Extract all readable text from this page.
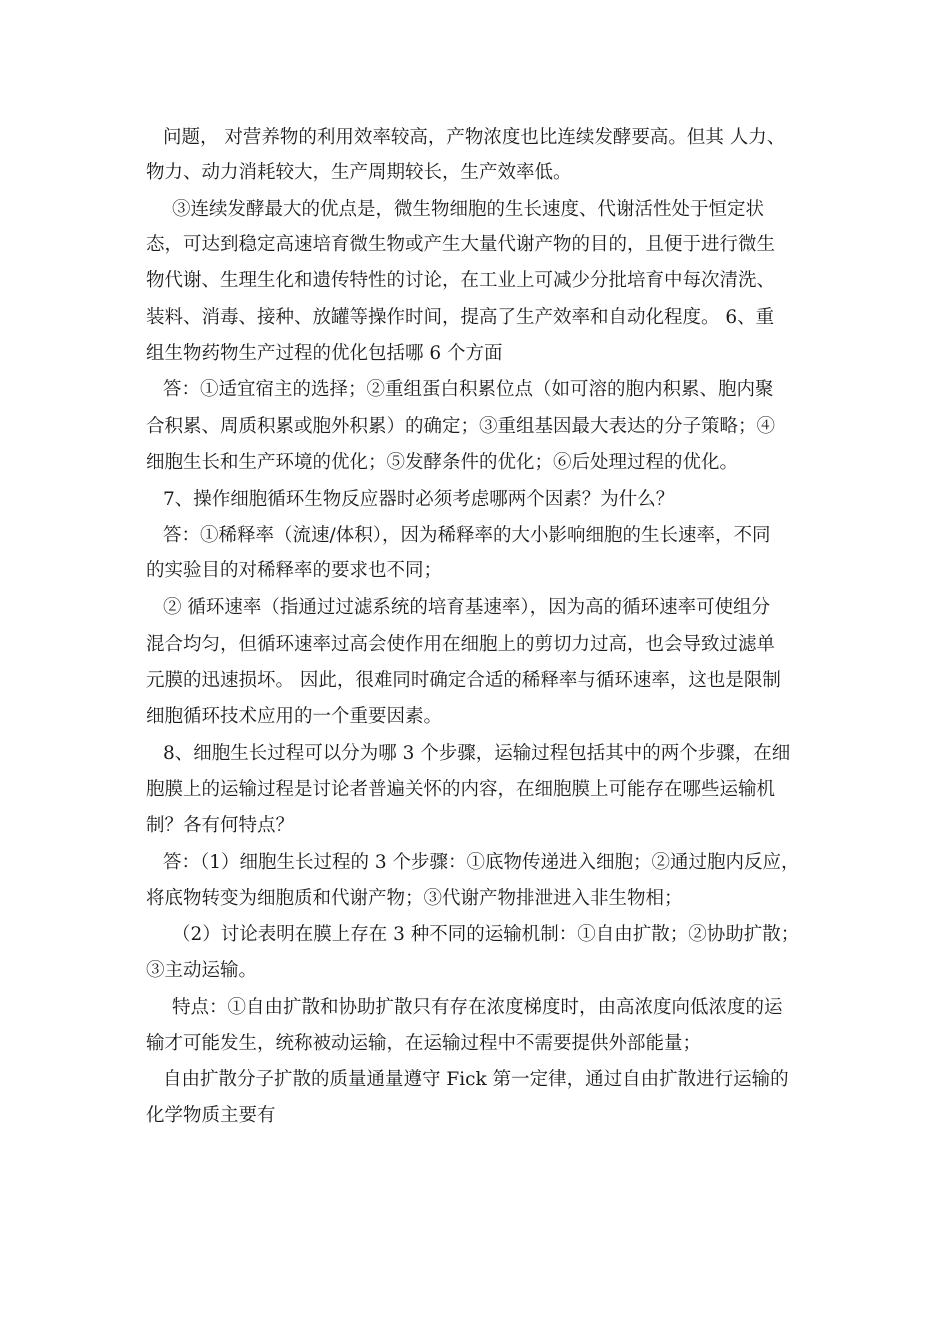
问题， 对营养物的利用效率较高，产物浓度也比连续发酵要高。但其 人力、
物力、动力消耗较大，生产周期较长，生产效率低。
③连续发酵最大的优点是，微生物细胞的生长速度、代谢活性处于恒定状
态，可达到稳定高速培育微生物或产生大量代谢产物的目的，且便于进行微生
物代谢、生理生化和遗传特性的讨论，在工业上可减少分批培育中每次清洗、
装料、消毒、接种、放罐等操作时间，提高了生产效率和自动化程度。 6、重
组生物药物生产过程的优化包括哪 6 个方面
答：①适宜宿主的选择；②重组蛋白积累位点（如可溶的胞内积累、胞内聚
合积累、周质积累或胞外积累）的确定；③重组基因最大表达的分子策略；④
细胞生长和生产环境的优化；⑤发酵条件的优化；⑥后处理过程的优化。
7、操作细胞循环生物反应器时必须考虑哪两个因素？为什么？
答：①稀释率（流速/体积），因为稀释率的大小影响细胞的生长速率，不同
的实验目的对稀释率的要求也不同；
② 循环速率（指通过过滤系统的培育基速率），因为高的循环速率可使组分
混合均匀，但循环速率过高会使作用在细胞上的剪切力过高，也会导致过滤单
元膜的迅速损坏。 因此，很难同时确定合适的稀释率与循环速率，这也是限制
细胞循环技术应用的一个重要因素。
8、细胞生长过程可以分为哪 3 个步骤，运输过程包括其中的两个步骤，在细
胞膜上的运输过程是讨论者普遍关怀的内容，在细胞膜上可能存在哪些运输机
制？各有何特点？
答：（1）细胞生长过程的 3 个步骤：①底物传递进入细胞；②通过胞内反应，
将底物转变为细胞质和代谢产物；③代谢产物排泄进入非生物相；
（2）讨论表明在膜上存在 3 种不同的运输机制：①自由扩散；②协助扩散；
③主动运输。
特点：①自由扩散和协助扩散只有存在浓度梯度时，由高浓度向低浓度的运
输才可能发生，统称被动运输，在运输过程中不需要提供外部能量；
自由扩散分子扩散的质量通量遵守 Fick 第一定律，通过自由扩散进行运输的
化学物质主要有
